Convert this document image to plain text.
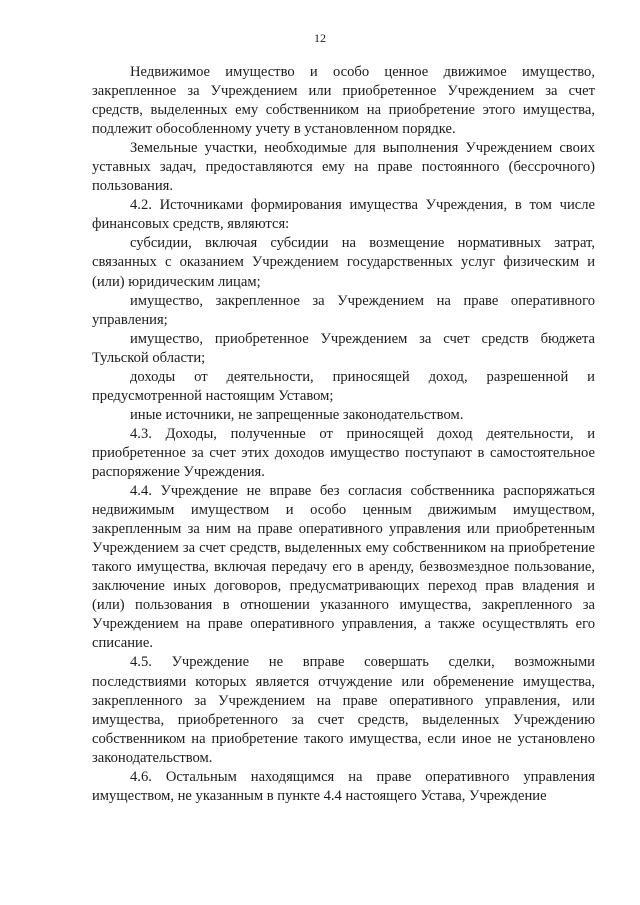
12

Недвижимое имущество и особо ценное движимое имущество, закрепленное за Учреждением или приобретенное Учреждением за счет средств, выделенных ему собственником на приобретение этого имущества, подлежит обособленному учету в установленном порядке.

Земельные участки, необходимые для выполнения Учреждением своих уставных задач, предоставляются ему на праве постоянного (бессрочного) пользования.

4.2. Источниками формирования имущества Учреждения, в том числе финансовых средств, являются:

субсидии, включая субсидии на возмещение нормативных затрат, связанных с оказанием Учреждением государственных услуг физическим и (или) юридическим лицам;

имущество, закрепленное за Учреждением на праве оперативного управления;

имущество, приобретенное Учреждением за счет средств бюджета Тульской области;

доходы от деятельности, приносящей доход, разрешенной и предусмотренной настоящим Уставом;

иные источники, не запрещенные законодательством.

4.3. Доходы, полученные от приносящей доход деятельности, и приобретенное за счет этих доходов имущество поступают в самостоятельное распоряжение Учреждения.

4.4. Учреждение не вправе без согласия собственника распоряжаться недвижимым имуществом и особо ценным движимым имуществом, закрепленным за ним на праве оперативного управления или приобретенным Учреждением за счет средств, выделенных ему собственником на приобретение такого имущества, включая передачу его в аренду, безвозмездное пользование, заключение иных договоров, предусматривающих переход прав владения и (или) пользования в отношении указанного имущества, закрепленного за Учреждением на праве оперативного управления, а также осуществлять его списание.

4.5. Учреждение не вправе совершать сделки, возможными последствиями которых является отчуждение или обременение имущества, закрепленного за Учреждением на праве оперативного управления, или имущества, приобретенного за счет средств, выделенных Учреждению собственником на приобретение такого имущества, если иное не установлено законодательством.

4.6. Остальным находящимся на праве оперативного управления имуществом, не указанным в пункте 4.4 настоящего Устава, Учреждение
